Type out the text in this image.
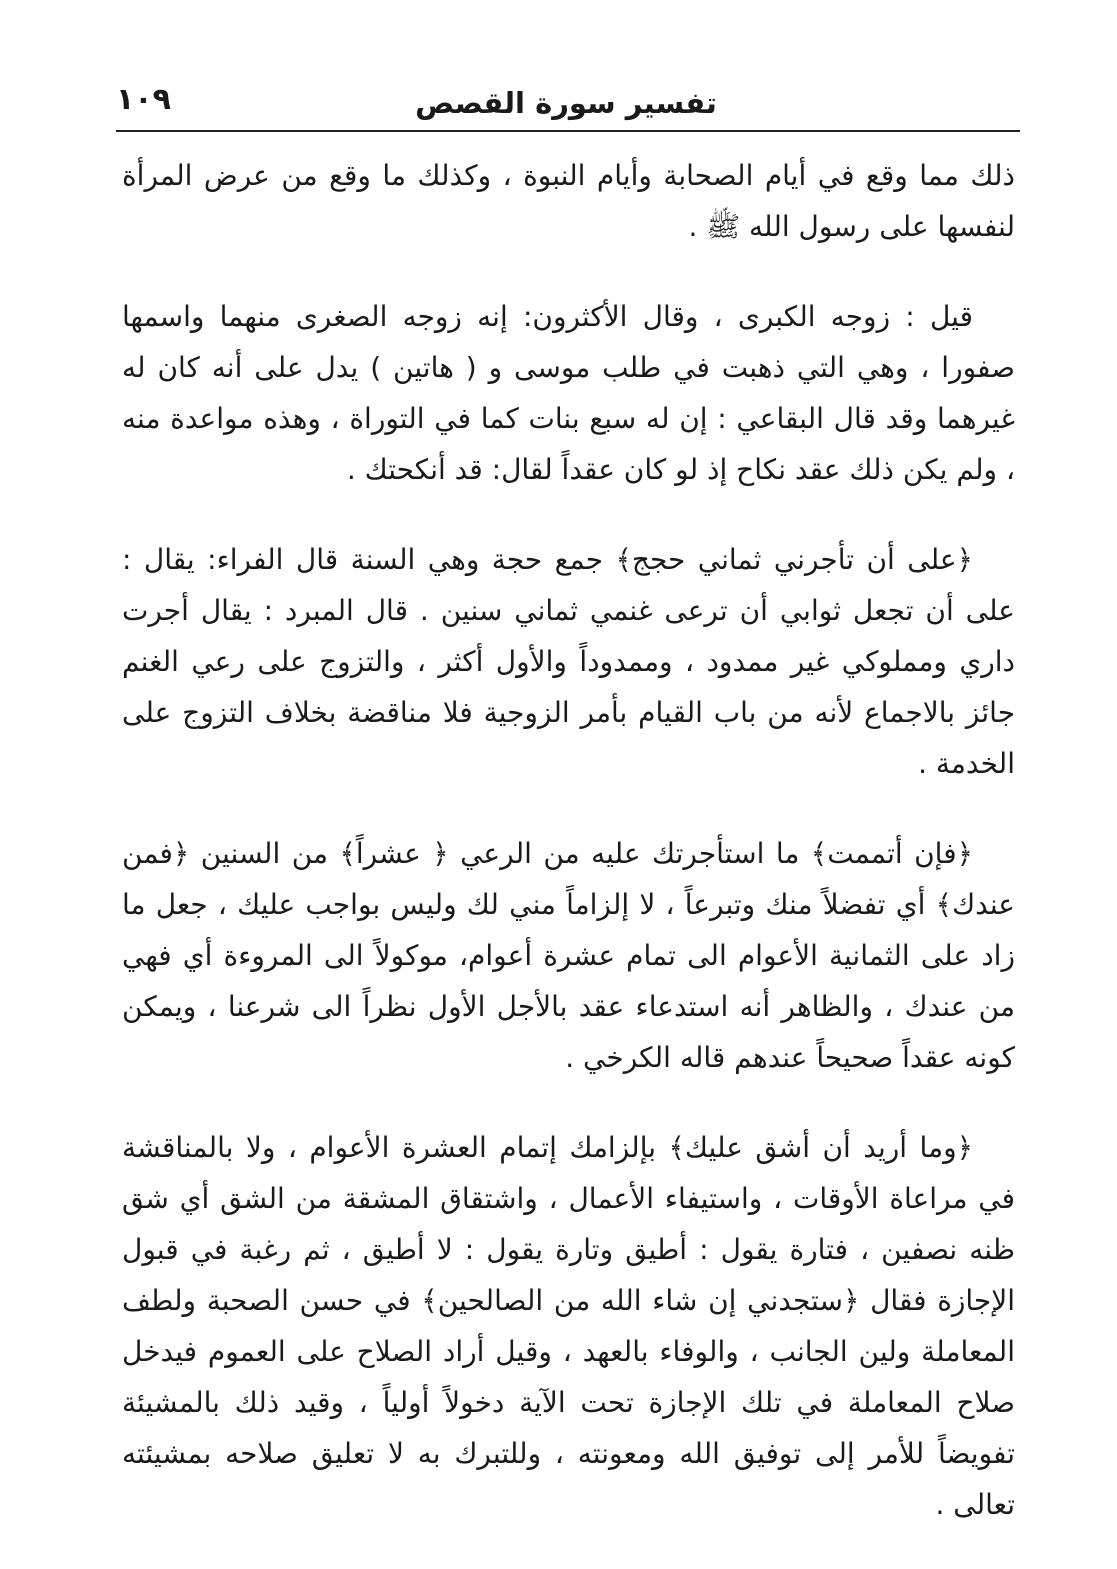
١٠٩	تفسير سورة القصص

ذلك مما وقع في أيام الصحابة وأيام النبوة ، وكذلك ما وقع من عرض المرأة لنفسها على رسول الله ﷺ .

قيل : زوجه الكبرى ، وقال الأكثرون: إنه زوجه الصغرى منهما واسمها صفورا ، وهي التي ذهبت في طلب موسى و ( هاتين ) يدل على أنه كان له غيرهما وقد قال البقاعي : إن له سبع بنات كما في التوراة ، وهذه مواعدة منه ، ولم يكن ذلك عقد نكاح إذ لو كان عقداً لقال: قد أنكحتك .

﴿على أن تأجرني ثماني حجج﴾ جمع حجة وهي السنة قال الفراء: يقال : على أن تجعل ثوابي أن ترعى غنمي ثماني سنين . قال المبرد : يقال أجرت داري ومملوكي غير ممدود ، وممدوداً والأول أكثر ، والتزوج على رعي الغنم جائز بالاجماع لأنه من باب القيام بأمر الزوجية فلا مناقضة بخلاف التزوج على الخدمة .

﴿فإن أتممت﴾ ما استأجرتك عليه من الرعي ﴿ عشراً﴾ من السنين ﴿فمن عندك﴾ أي تفضلاً منك وتبرعاً ، لا إلزاماً مني لك وليس بواجب عليك ، جعل ما زاد على الثمانية الأعوام الى تمام عشرة أعوام، موكولاً الى المروءة أي فهي من عندك ، والظاهر أنه استدعاء عقد بالأجل الأول نظراً الى شرعنا ، ويمكن كونه عقداً صحيحاً عندهم قاله الكرخي .

﴿وما أريد أن أشق عليك﴾ بإلزامك إتمام العشرة الأعوام ، ولا بالمناقشة في مراعاة الأوقات ، واستيفاء الأعمال ، واشتقاق المشقة من الشق أي شق ظنه نصفين ، فتارة يقول : أطيق وتارة يقول : لا أطيق ، ثم رغبة في قبول الإجازة فقال ﴿ستجدني إن شاء الله من الصالحين﴾ في حسن الصحبة ولطف المعاملة ولين الجانب ، والوفاء بالعهد ، وقيل أراد الصلاح على العموم فيدخل صلاح المعاملة في تلك الإجازة تحت الآية دخولاً أولياً ، وقيد ذلك بالمشيئة تفويضاً للأمر إلى توفيق الله ومعونته ، وللتبرك به لا تعليق صلاحه بمشيئته تعالى .
